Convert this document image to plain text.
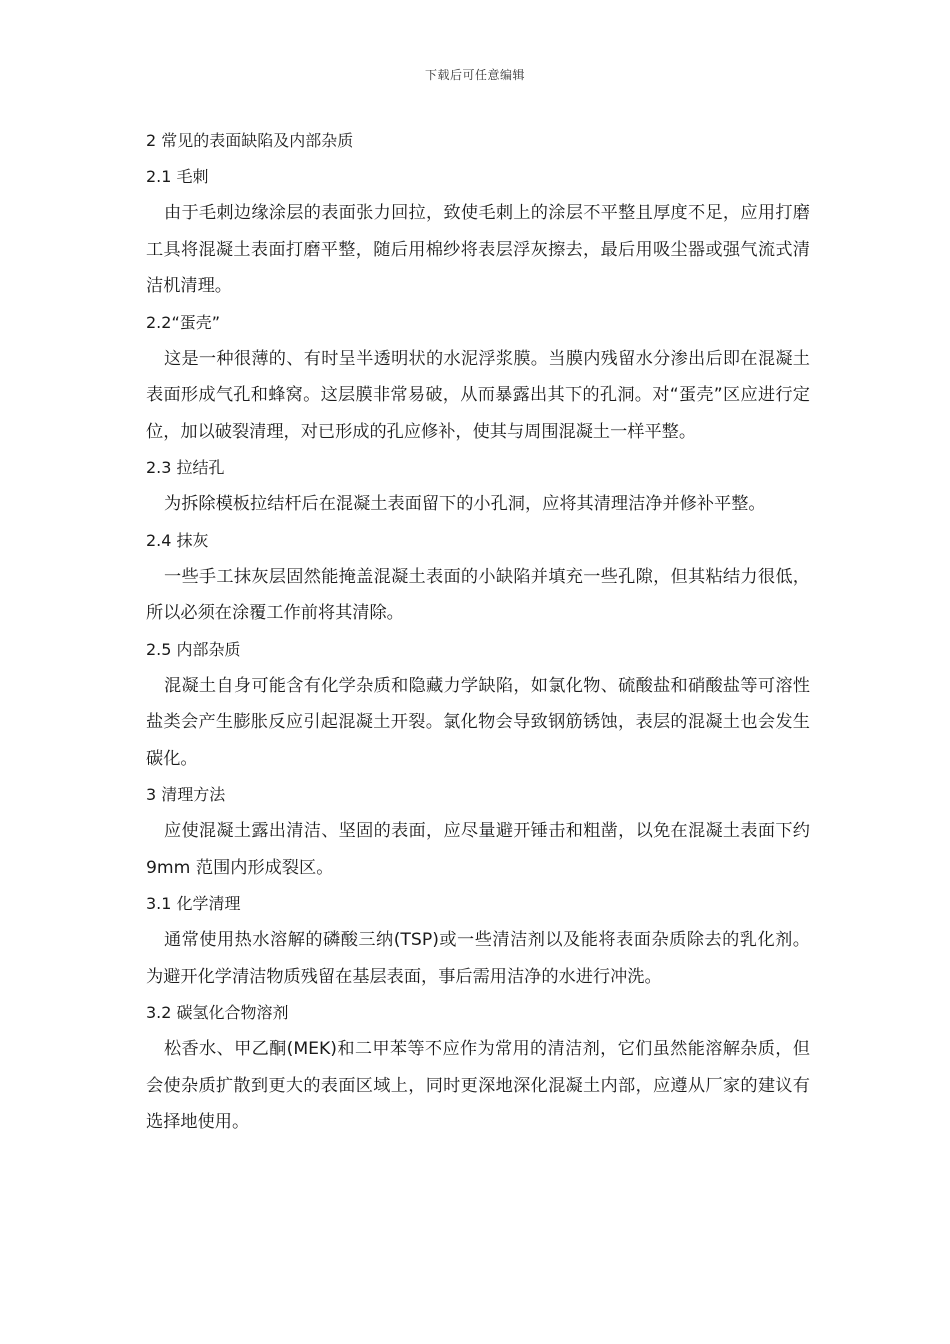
下载后可任意编辑
2 常见的表面缺陷及内部杂质
2.1 毛刺
由于毛刺边缘涂层的表面张力回拉，致使毛刺上的涂层不平整且厚度不足，应用打磨工具将混凝土表面打磨平整，随后用棉纱将表层浮灰擦去，最后用吸尘器或强气流式清洁机清理。
2.2“蛋壳”
这是一种很薄的、有时呈半透明状的水泥浮浆膜。当膜内残留水分渗出后即在混凝土表面形成气孔和蜂窝。这层膜非常易破，从而暴露出其下的孔洞。对“蛋壳”区应进行定位，加以破裂清理，对已形成的孔应修补，使其与周围混凝土一样平整。
2.3 拉结孔
为拆除模板拉结杆后在混凝土表面留下的小孔洞，应将其清理洁净并修补平整。
2.4 抹灰
一些手工抹灰层固然能掩盖混凝土表面的小缺陷并填充一些孔隙，但其粘结力很低，所以必须在涂覆工作前将其清除。
2.5 内部杂质
混凝土自身可能含有化学杂质和隐藏力学缺陷，如氯化物、硫酸盐和硝酸盐等可溶性盐类会产生膨胀反应引起混凝土开裂。氯化物会导致钢筋锈蚀，表层的混凝土也会发生碳化。
3 清理方法
应使混凝土露出清洁、坚固的表面，应尽量避开锤击和粗凿，以免在混凝土表面下约 9mm 范围内形成裂区。
3.1 化学清理
通常使用热水溶解的磷酸三纳(TSP)或一些清洁剂以及能将表面杂质除去的乳化剂。为避开化学清洁物质残留在基层表面，事后需用洁净的水进行冲洗。
3.2 碳氢化合物溶剂
松香水、甲乙酮(MEK)和二甲苯等不应作为常用的清洁剂，它们虽然能溶解杂质，但会使杂质扩散到更大的表面区域上，同时更深地深化混凝土内部，应遵从厂家的建议有选择地使用。
